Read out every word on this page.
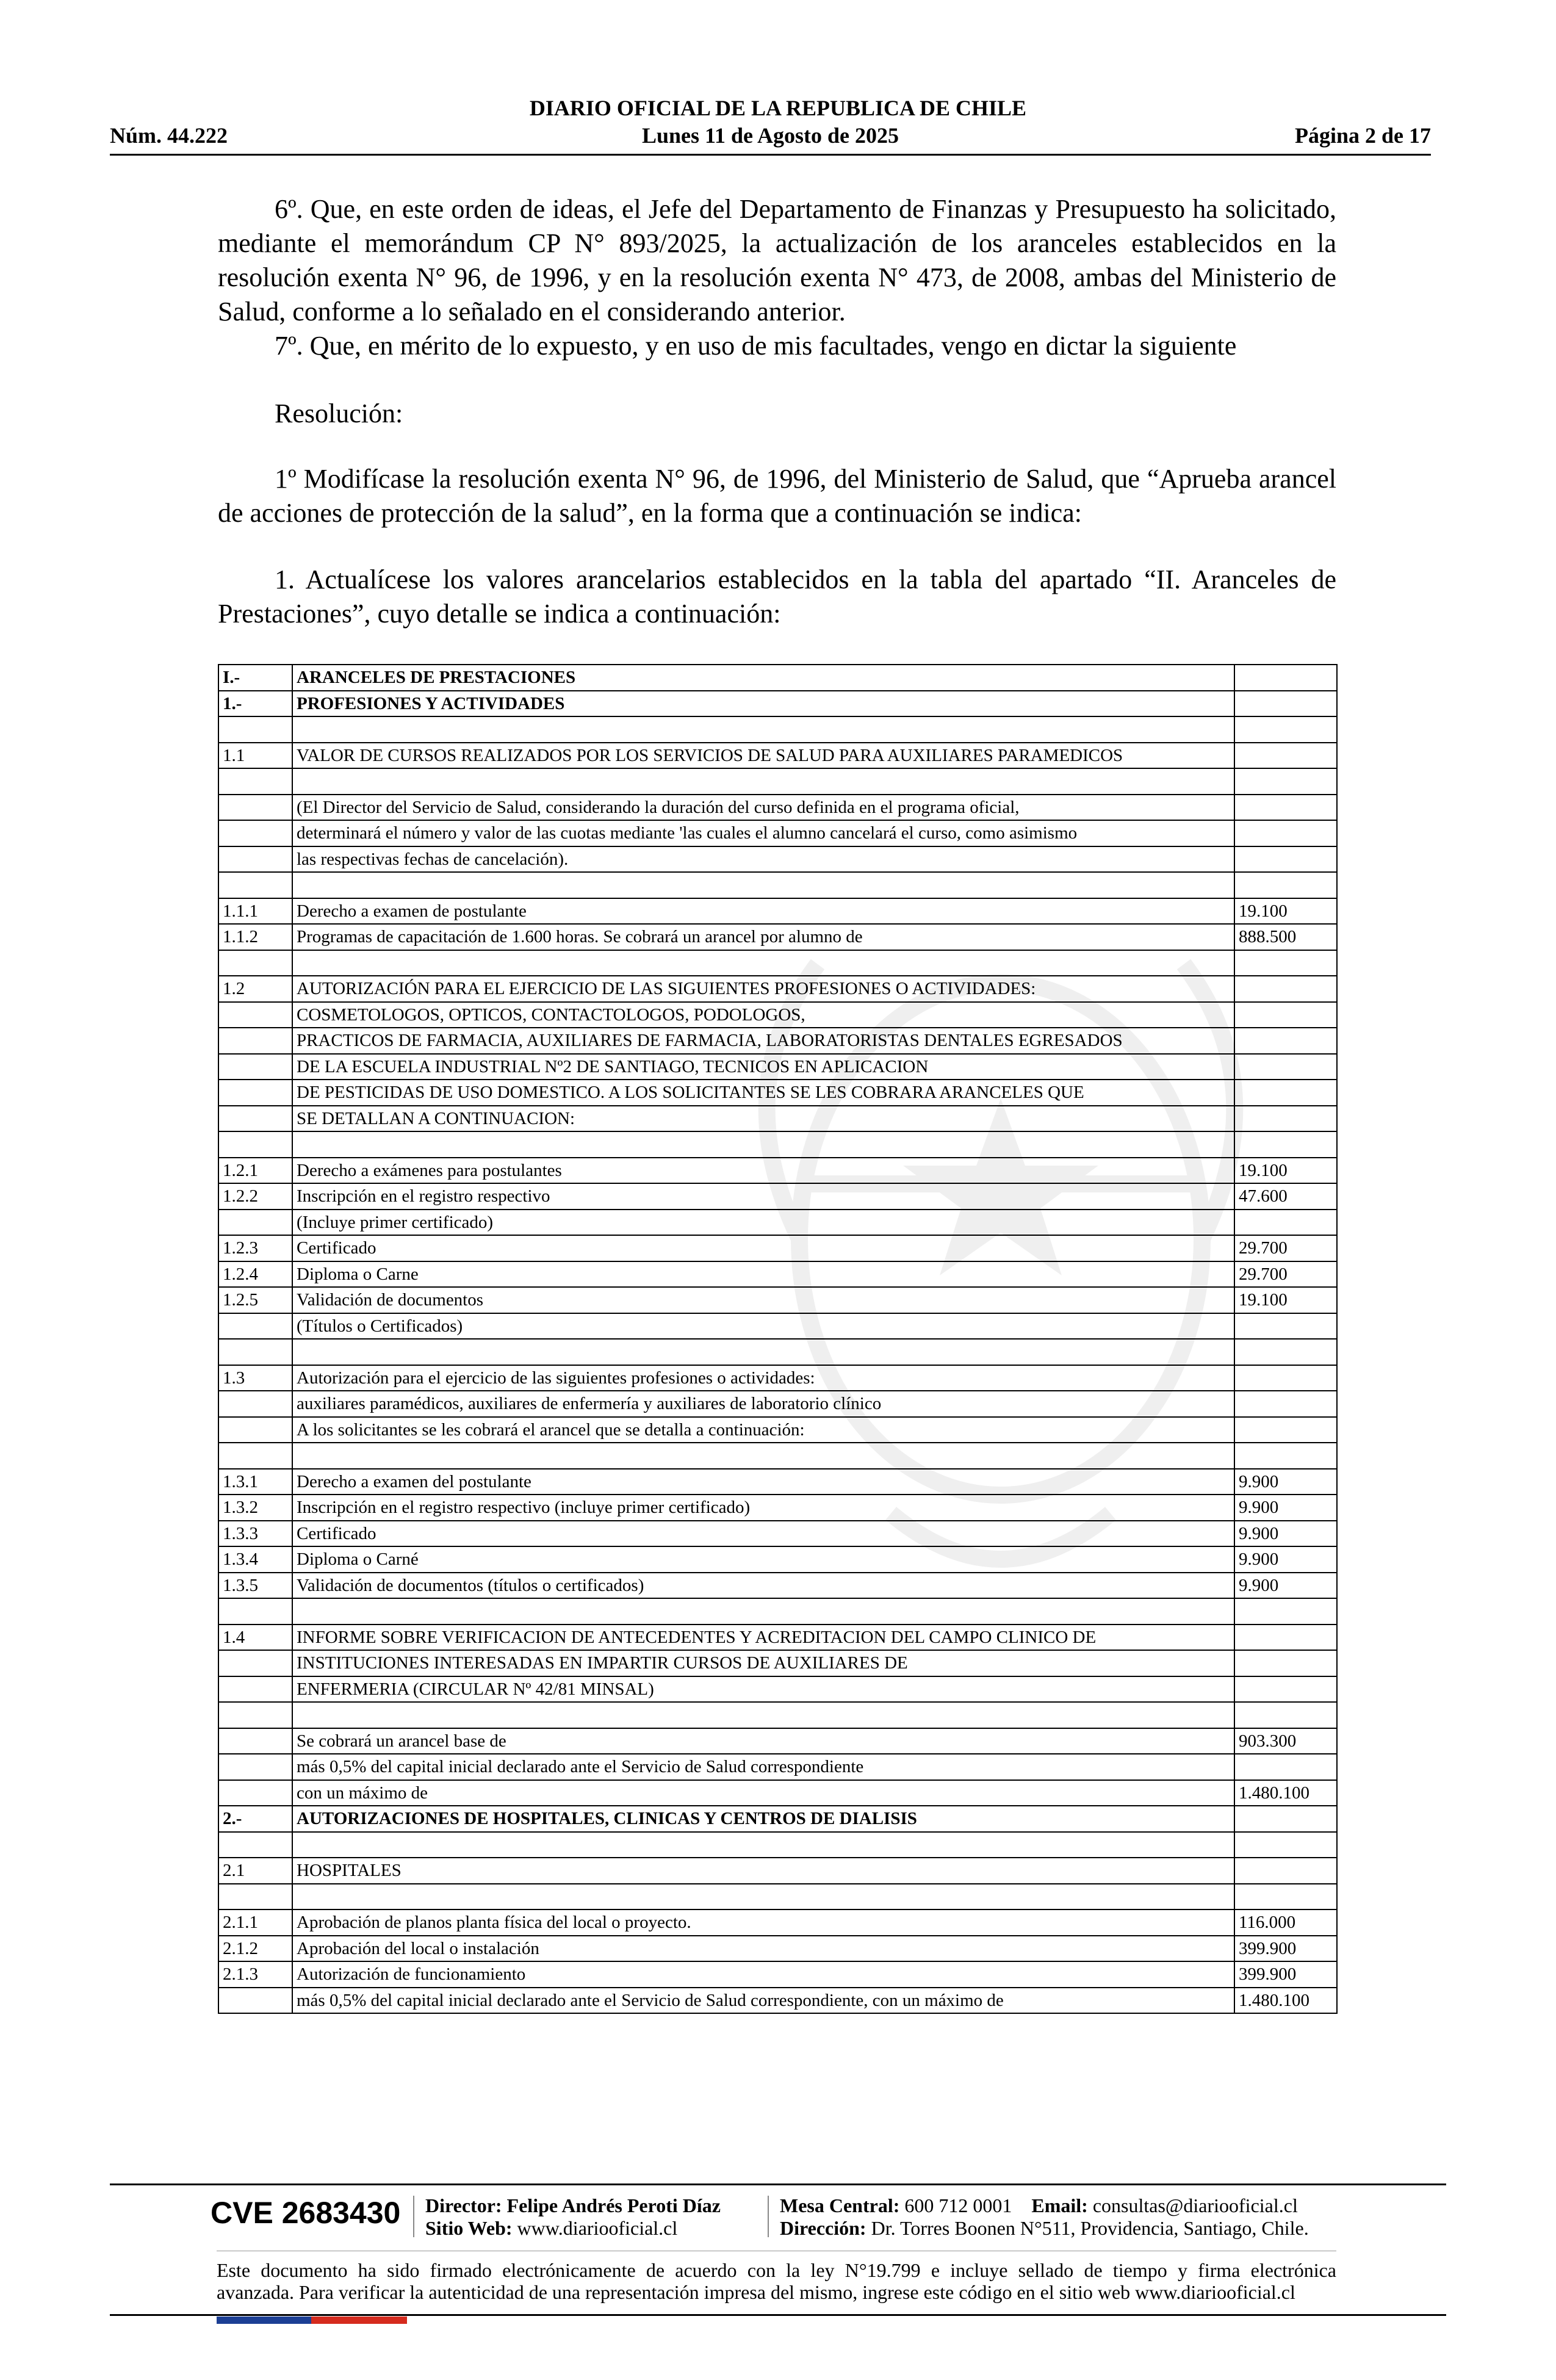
DIARIO OFICIAL DE LA REPUBLICA DE CHILE
Núm. 44.222	Lunes 11 de Agosto de 2025	Página 2 de 17

6º. Que, en este orden de ideas, el Jefe del Departamento de Finanzas y Presupuesto ha solicitado, mediante el memorándum CP N° 893/2025, la actualización de los aranceles establecidos en la resolución exenta N° 96, de 1996, y en la resolución exenta N° 473, de 2008, ambas del Ministerio de Salud, conforme a lo señalado en el considerando anterior.

7º. Que, en mérito de lo expuesto, y en uso de mis facultades, vengo en dictar la siguiente

Resolución:

1º Modifícase la resolución exenta N° 96, de 1996, del Ministerio de Salud, que “Aprueba arancel de acciones de protección de la salud”, en la forma que a continuación se indica:

1. Actualícese los valores arancelarios establecidos en la tabla del apartado “II. Aranceles de Prestaciones”, cuyo detalle se indica a continuación:

I.-	ARANCELES DE PRESTACIONES	
1.-	PROFESIONES Y ACTIVIDADES	

1.1	VALOR DE CURSOS REALIZADOS POR LOS SERVICIOS DE SALUD PARA AUXILIARES PARAMEDICOS	

	(El Director del Servicio de Salud, considerando la duración del curso definida en el programa oficial,	
	determinará el número y valor de las cuotas mediante 'las cuales el alumno cancelará el curso, como asimismo	
	las respectivas fechas de cancelación).	

1.1.1	Derecho a examen de postulante	19.100
1.1.2	Programas de capacitación de 1.600 horas. Se cobrará un arancel por alumno de	888.500

1.2	AUTORIZACIÓN PARA EL EJERCICIO DE LAS SIGUIENTES PROFESIONES O ACTIVIDADES:	
	COSMETOLOGOS, OPTICOS, CONTACTOLOGOS, PODOLOGOS,	
	PRACTICOS DE FARMACIA, AUXILIARES DE FARMACIA, LABORATORISTAS DENTALES EGRESADOS	
	DE LA ESCUELA INDUSTRIAL Nº2 DE SANTIAGO, TECNICOS EN APLICACION	
	DE PESTICIDAS DE USO DOMESTICO. A LOS SOLICITANTES SE LES COBRARA ARANCELES QUE	
	SE DETALLAN A CONTINUACION:	

1.2.1	Derecho a exámenes para postulantes	19.100
1.2.2	Inscripción en el registro respectivo	47.600
	(Incluye primer certificado)	
1.2.3	Certificado	29.700
1.2.4	Diploma o Carne	29.700
1.2.5	Validación de documentos	19.100
	(Títulos o Certificados)	

1.3	Autorización para el ejercicio de las siguientes profesiones o actividades:	
	auxiliares paramédicos, auxiliares de enfermería y auxiliares de laboratorio clínico	
	A los solicitantes se les cobrará el arancel que se detalla a continuación:	

1.3.1	Derecho a examen del postulante	9.900
1.3.2	Inscripción en el registro respectivo (incluye primer certificado)	9.900
1.3.3	Certificado	9.900
1.3.4	Diploma o Carné	9.900
1.3.5	Validación de documentos (títulos o certificados)	9.900

1.4	INFORME SOBRE VERIFICACION DE ANTECEDENTES Y ACREDITACION DEL CAMPO CLINICO DE	
	INSTITUCIONES INTERESADAS EN IMPARTIR CURSOS DE AUXILIARES DE	
	ENFERMERIA (CIRCULAR Nº 42/81 MINSAL)	

	Se cobrará un arancel base de	903.300
	más 0,5% del capital inicial declarado ante el Servicio de Salud correspondiente	
	con un máximo de	1.480.100
2.-	AUTORIZACIONES DE HOSPITALES, CLINICAS Y CENTROS DE DIALISIS	

2.1	HOSPITALES	

2.1.1	Aprobación de planos planta física del local o proyecto.	116.000
2.1.2	Aprobación del local o instalación	399.900
2.1.3	Autorización de funcionamiento	399.900
	más 0,5% del capital inicial declarado ante el Servicio de Salud correspondiente, con un máximo de	1.480.100
CVE 2683430 Director: Felipe Andrés Peroti Díaz
Sitio Web: www.diariooficial.cl
Mesa Central: 600 712 0001 Email: consultas@diariooficial.cl
Dirección: Dr. Torres Boonen N°511, Providencia, Santiago, Chile.
Este documento ha sido firmado electrónicamente de acuerdo con la ley N°19.799 e incluye sellado de tiempo y firma electrónica
avanzada. Para verificar la autenticidad de una representación impresa del mismo, ingrese este código en el sitio web www.diariooficial.cl
